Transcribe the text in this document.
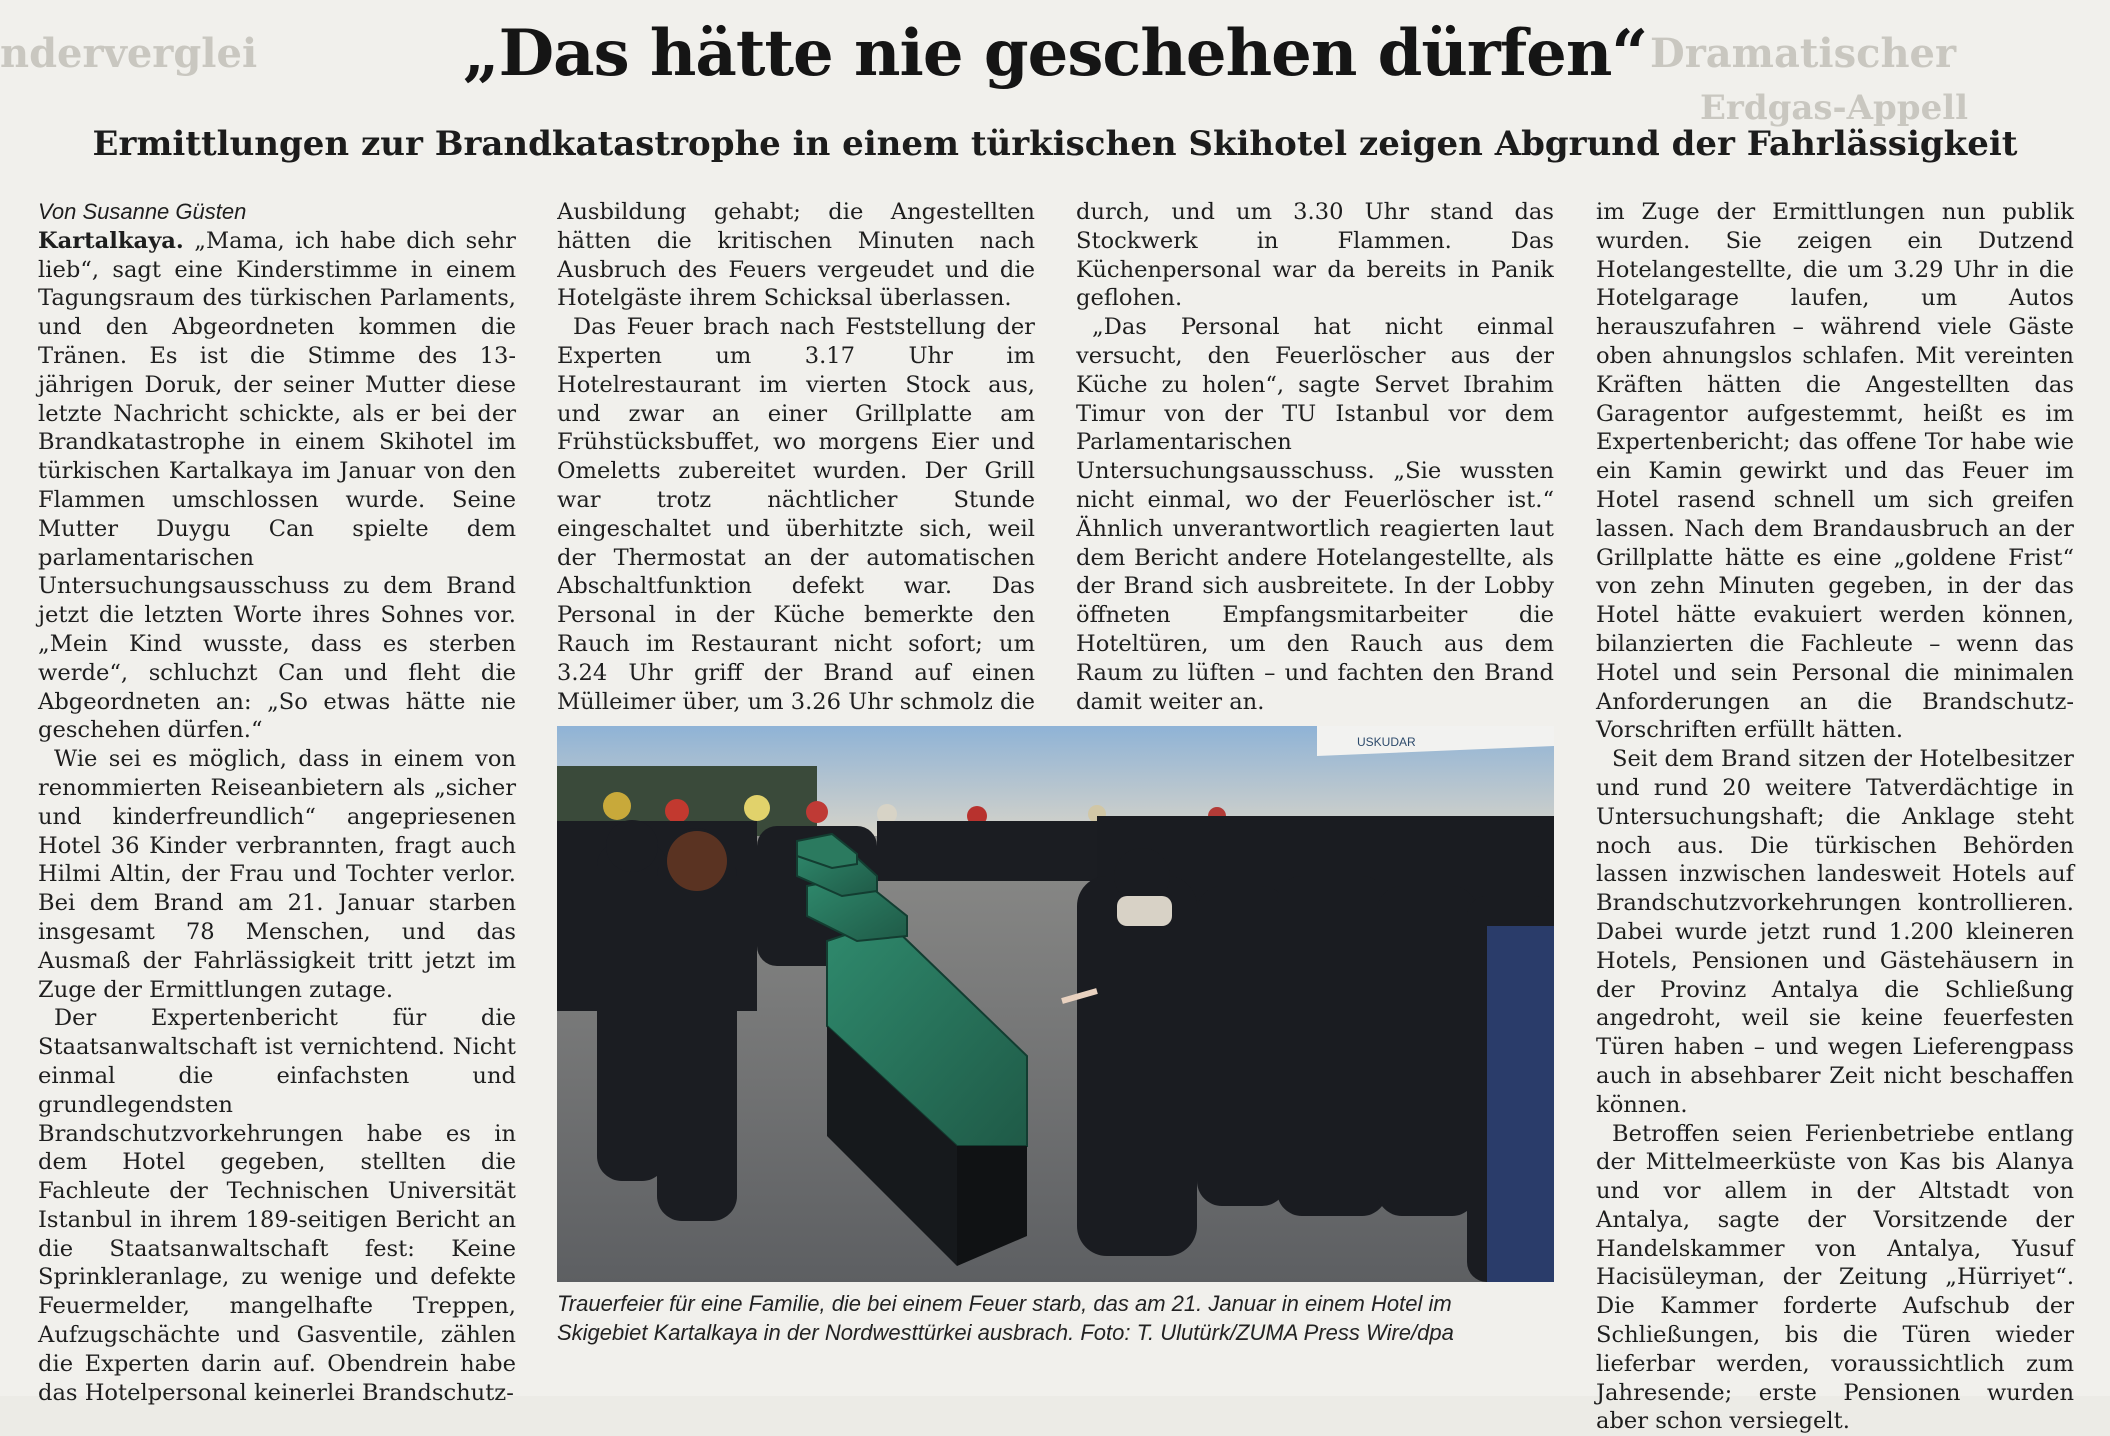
nderverglei	Dramatischer
Erdgas-Appell
„Das hätte nie geschehen dürfen“
Ermittlungen zur Brandkatastrophe in einem türkischen Skihotel zeigen Abgrund der Fahrlässigkeit

Von Susanne Güsten

Kartalkaya. „Mama, ich habe dich sehr lieb“, sagt eine Kinderstimme in einem Tagungsraum des türkischen Parlaments, und den Abgeordneten kommen die Tränen. Es ist die Stimme des 13-jährigen Doruk, der seiner Mutter diese letzte Nachricht schickte, als er bei der Brandkatastrophe in einem Skihotel im türkischen Kartalkaya im Januar von den Flammen umschlossen wurde. Seine Mutter Duygu Can spielte dem parlamentarischen Untersuchungsausschuss zu dem Brand jetzt die letzten Worte ihres Sohnes vor. „Mein Kind wusste, dass es sterben werde“, schluchzt Can und fleht die Abgeordneten an: „So etwas hätte nie geschehen dürfen.“

Wie sei es möglich, dass in einem von renommierten Reiseanbietern als „sicher und kinderfreundlich“ angepriesenen Hotel 36 Kinder verbrannten, fragt auch Hilmi Altin, der Frau und Tochter verlor. Bei dem Brand am 21. Januar starben insgesamt 78 Menschen, und das Ausmaß der Fahrlässigkeit tritt jetzt im Zuge der Ermittlungen zutage.

Der Expertenbericht für die Staatsanwaltschaft ist vernichtend. Nicht einmal die einfachsten und grundlegendsten Brandschutzvorkehrungen habe es in dem Hotel gegeben, stellten die Fachleute der Technischen Universität Istanbul in ihrem 189-seitigen Bericht an die Staatsanwaltschaft fest: Keine Sprinkleranlage, zu wenige und defekte Feuermelder, mangelhafte Treppen, Aufzugschächte und Gasventile, zählen die Experten darin auf. Obendrein habe das Hotelpersonal keinerlei Brandschutz-

Ausbildung gehabt; die Angestellten hätten die kritischen Minuten nach Ausbruch des Feuers vergeudet und die Hotelgäste ihrem Schicksal überlassen.

Das Feuer brach nach Feststellung der Experten um 3.17 Uhr im Hotelrestaurant im vierten Stock aus, und zwar an einer Grillplatte am Frühstücksbuffet, wo morgens Eier und Omeletts zubereitet wurden. Der Grill war trotz nächtlicher Stunde eingeschaltet und überhitzte sich, weil der Thermostat an der automatischen Abschaltfunktion defekt war. Das Personal in der Küche bemerkte den Rauch im Restaurant nicht sofort; um 3.24 Uhr griff der Brand auf einen Mülleimer über, um 3.26 Uhr schmolz die

durch, und um 3.30 Uhr stand das Stockwerk in Flammen. Das Küchenpersonal war da bereits in Panik geflohen.

„Das Personal hat nicht einmal versucht, den Feuerlöscher aus der Küche zu holen“, sagte Servet Ibrahim Timur von der TU Istanbul vor dem Parlamentarischen Untersuchungsausschuss. „Sie wussten nicht einmal, wo der Feuerlöscher ist.“ Ähnlich unverantwortlich reagierten laut dem Bericht andere Hotelangestellte, als der Brand sich ausbreitete. In der Lobby öffneten Empfangsmitarbeiter die Hoteltüren, um den Rauch aus dem Raum zu lüften – und fachten den Brand damit weiter an.

im Zuge der Ermittlungen nun publik wurden. Sie zeigen ein Dutzend Hotelangestellte, die um 3.29 Uhr in die Hotelgarage laufen, um Autos herauszufahren – während viele Gäste oben ahnungslos schlafen. Mit vereinten Kräften hätten die Angestellten das Garagentor aufgestemmt, heißt es im Expertenbericht; das offene Tor habe wie ein Kamin gewirkt und das Feuer im Hotel rasend schnell um sich greifen lassen. Nach dem Brandausbruch an der Grillplatte hätte es eine „goldene Frist“ von zehn Minuten gegeben, in der das Hotel hätte evakuiert werden können, bilanzierten die Fachleute – wenn das Hotel und sein Personal die minimalen Anforderungen an die Brandschutz-Vorschriften erfüllt hätten.

Seit dem Brand sitzen der Hotelbesitzer und rund 20 weitere Tatverdächtige in Untersuchungshaft; die Anklage steht noch aus. Die türkischen Behörden lassen inzwischen landesweit Hotels auf Brandschutzvorkehrungen kontrollieren. Dabei wurde jetzt rund 1.200 kleineren Hotels, Pensionen und Gästehäusern in der Provinz Antalya die Schließung angedroht, weil sie keine feuerfesten Türen haben – und wegen Lieferengpass auch in absehbarer Zeit nicht beschaffen können.

Betroffen seien Ferienbetriebe entlang der Mittelmeerküste von Kas bis Alanya und vor allem in der Altstadt von Antalya, sagte der Vorsitzende der Handelskammer von Antalya, Yusuf Hacisüleyman, der Zeitung „Hürriyet“. Die Kammer forderte Aufschub der Schließungen, bis die Türen wieder lieferbar werden, voraussichtlich zum Jahresende; erste Pensionen wurden aber schon versiegelt.

USKUDAR
Trauerfeier für eine Familie, die bei einem Feuer starb, das am 21. Januar in einem Hotel im
Skigebiet Kartalkaya in der Nordwesttürkei ausbrach. Foto: T. Ulutürk/ZUMA Press Wire/dpa
